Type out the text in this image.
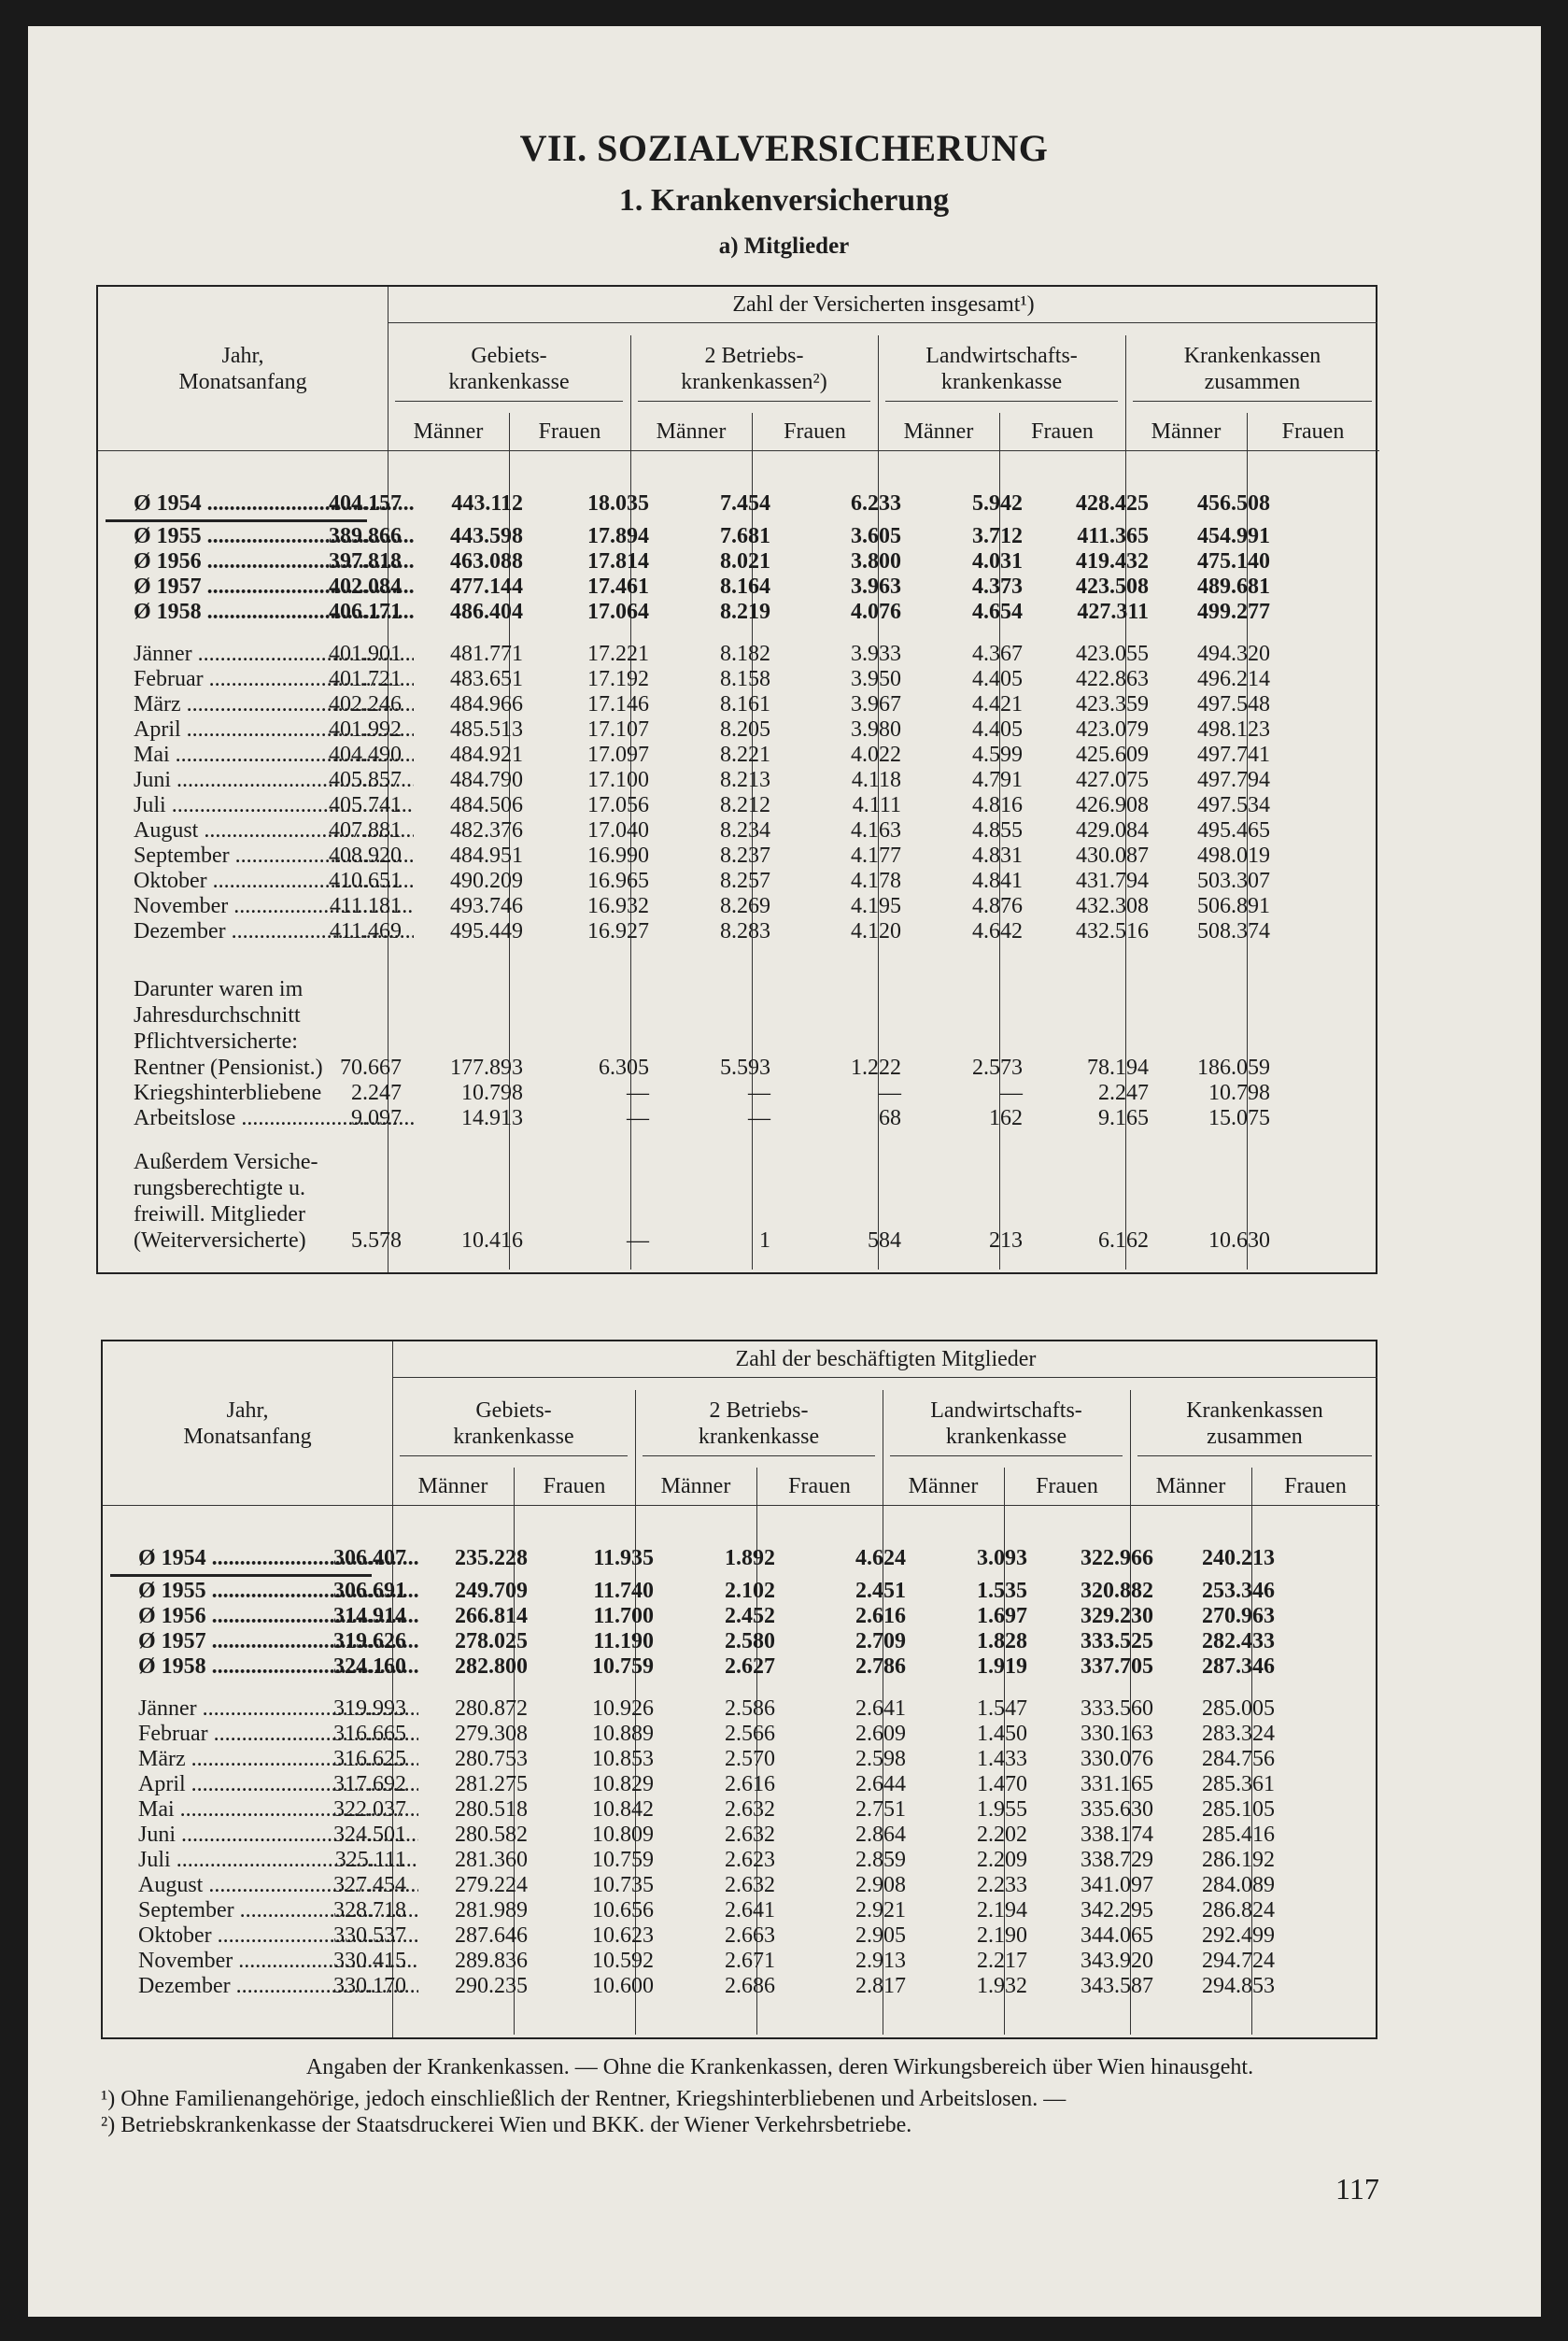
VII. SOZIALVERSICHERUNG
1. Krankenversicherung
a) Mitglieder
Zahl der Versicherten insgesamt¹)
Jahr,
Monatsanfang
Gebiets-
krankenkasse
Männer	Frauen
2 Betriebs-
krankenkassen²)
Männer	Frauen
Landwirtschafts-
krankenkasse
Männer	Frauen
Krankenkassen
zusammen
Männer	Frauen
Ø 1954 .....	404.157	443.112	18.035	7.454	6.233	5.942	428.425	456.508
Ø 1955 .....	389.866	443.598	17.894	7.681	3.605	3.712	411.365	454.991
Ø 1956 .....	397.818	463.088	17.814	8.021	3.800	4.031	419.432	475.140
Ø 1957 .....	402.084	477.144	17.461	8.164	3.963	4.373	423.508	489.681
Ø 1958 .....	406.171	486.404	17.064	8.219	4.076	4.654	427.311	499.277
Jänner .....	401.901	481.771	17.221	8.182	3.933	4.367	423.055	494.320
Februar .....	401.721	483.651	17.192	8.158	3.950	4.405	422.863	496.214
März .....	402.246	484.966	17.146	8.161	3.967	4.421	423.359	497.548
April .....	401.992	485.513	17.107	8.205	3.980	4.405	423.079	498.123
Mai .....	404.490	484.921	17.097	8.221	4.022	4.599	425.609	497.741
Juni .....	405.857	484.790	17.100	8.213	4.118	4.791	427.075	497.794
Juli .....	405.741	484.506	17.056	8.212	4.111	4.816	426.908	497.534
August .....	407.881	482.376	17.040	8.234	4.163	4.855	429.084	495.465
September .....	408.920	484.951	16.990	8.237	4.177	4.831	430.087	498.019
Oktober .....	410.651	490.209	16.965	8.257	4.178	4.841	431.794	503.307
November .....	411.181	493.746	16.932	8.269	4.195	4.876	432.308	506.891
Dezember .....	411.469	495.449	16.927	8.283	4.120	4.642	432.516	508.374
Darunter waren im
Jahresdurchschnitt
Pflichtversicherte:
Rentner (Pensionist.) 70.667	177.893	6.305	5.593	1.222	2.573	78.194	186.059
Kriegshinterbliebene	2.247	10.798	—	—	—	—	2.247	10.798
Arbeitslose .....	9.097	14.913	—	—	68	162	9.165	15.075
Außerdem Versiche-
rungsberechtigte u.
freiwill. Mitglieder
(Weiterversicherte)	5.578	10.416	—	1	584	213	6.162	10.630
Zahl der beschäftigten Mitglieder
Jahr,
Monatsanfang
Gebiets-
krankenkasse
Männer	Frauen
2 Betriebs-
krankenkasse
Männer	Frauen
Landwirtschafts-
krankenkasse
Männer	Frauen
Krankenkassen
zusammen
Männer	Frauen
Ø 1954 .....	306.407	235.228	11.935	1.892	4.624	3.093	322.966	240.213
Ø 1955 .....	306.691	249.709	11.740	2.102	2.451	1.535	320.882	253.346
Ø 1956 .....	314.914	266.814	11.700	2.452	2.616	1.697	329.230	270.963
Ø 1957 .....	319.626	278.025	11.190	2.580	2.709	1.828	333.525	282.433
Ø 1958 .....	324.160	282.800	10.759	2.627	2.786	1.919	337.705	287.346
Jänner .....	319.993	280.872	10.926	2.586	2.641	1.547	333.560	285.005
Februar .....	316.665	279.308	10.889	2.566	2.609	1.450	330.163	283.324
März .....	316.625	280.753	10.853	2.570	2.598	1.433	330.076	284.756
April .....	317.692	281.275	10.829	2.616	2.644	1.470	331.165	285.361
Mai .....	322.037	280.518	10.842	2.632	2.751	1.955	335.630	285.105
Juni .....	324.501	280.582	10.809	2.632	2.864	2.202	338.174	285.416
Juli .....	325.111	281.360	10.759	2.623	2.859	2.209	338.729	286.192
August .....	327.454	279.224	10.735	2.632	2.908	2.233	341.097	284.089
September .....	328.718	281.989	10.656	2.641	2.921	2.194	342.295	286.824
Oktober .....	330.537	287.646	10.623	2.663	2.905	2.190	344.065	292.499
November .....	330.415	289.836	10.592	2.671	2.913	2.217	343.920	294.724
Dezember .....	330.170	290.235	10.600	2.686	2.817	1.932	343.587	294.853
Angaben der Krankenkassen. — Ohne die Krankenkassen, deren Wirkungsbereich über Wien hinausgeht.
¹) Ohne Familienangehörige, jedoch einschließlich der Rentner, Kriegshinterbliebenen und Arbeitslosen. —
²) Betriebskrankenkasse der Staatsdruckerei Wien und BKK. der Wiener Verkehrsbetriebe.
117
